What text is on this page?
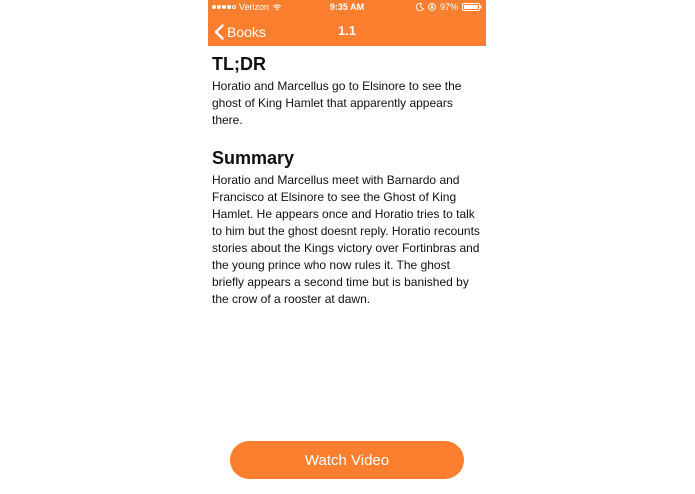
Verizon	9:35 AM	97%
Books	1.1
TL;DR

Horatio and Marcellus go to Elsinore to see the ghost of King Hamlet that apparently appears there.

Summary

Horatio and Marcellus meet with Barnardo and Francisco at Elsinore to see the Ghost of King Hamlet. He appears once and Horatio tries to talk to him but the ghost doesnt reply. Horatio recounts stories about the Kings victory over Fortinbras and the young prince who now rules it. The ghost briefly appears a second time but is banished by the crow of a rooster at dawn.

Watch Video
